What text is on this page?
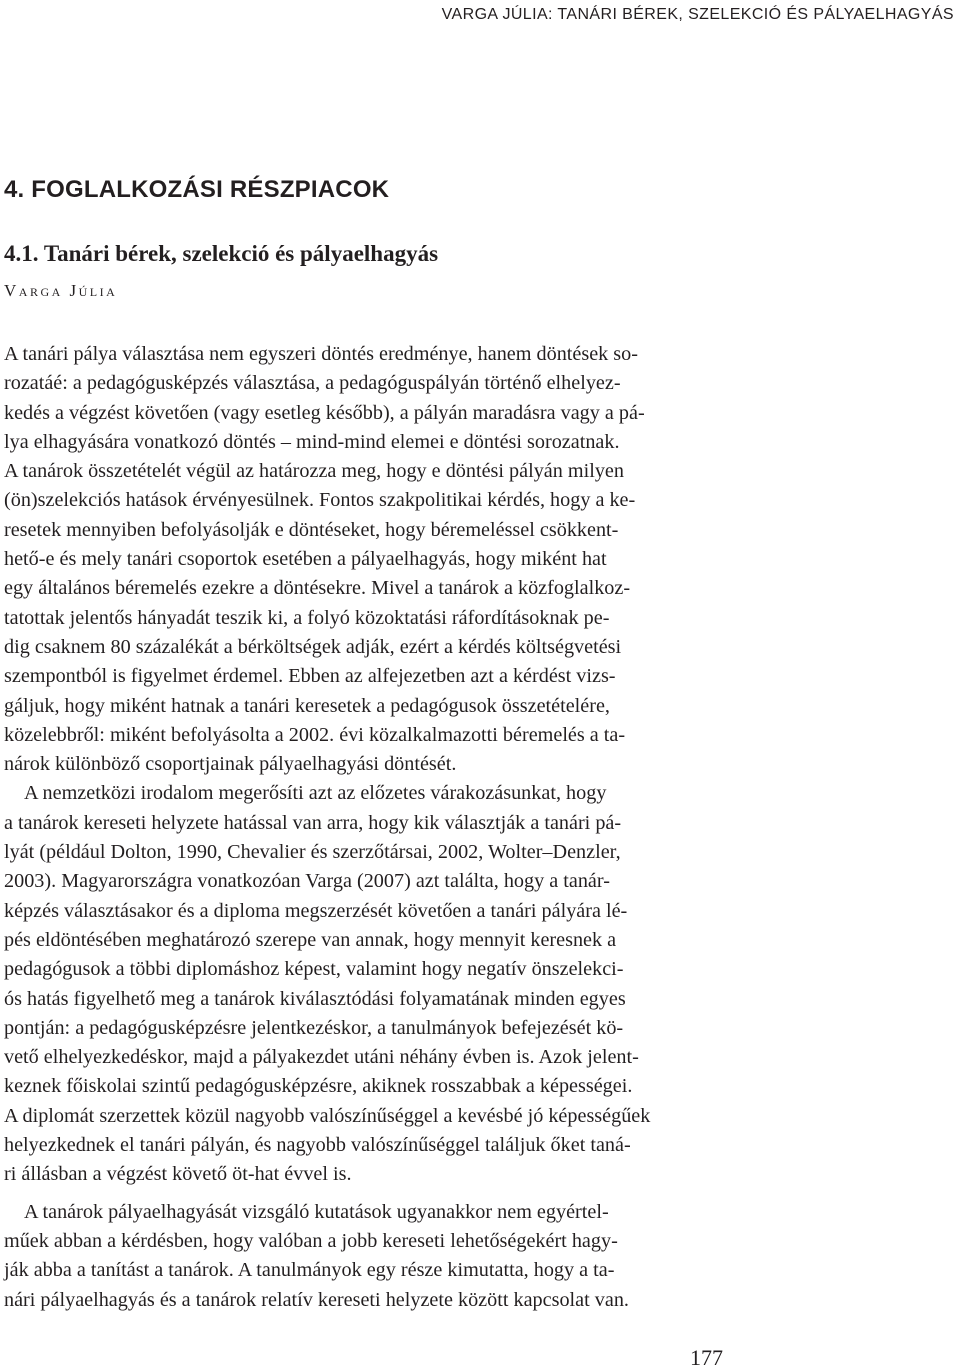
VARGA JÚLIA: TANÁRI BÉREK, SZELEKCIÓ ÉS PÁLYAELHAGYÁS
4. FOGLALKOZÁSI RÉSZPIACOK
4.1. Tanári bérek, szelekció és pályaelhagyás
Varga Júlia
A tanári pálya választása nem egyszeri döntés eredménye, hanem döntések so-
rozatáé: a pedagógusképzés választása, a pedagóguspályán történő elhelyez-
kedés a végzést követően (vagy esetleg később), a pályán maradásra vagy a pá-
lya elhagyására vonatkozó döntés – mind-mind elemei e döntési sorozatnak.
A tanárok összetételét végül az határozza meg, hogy e döntési pályán milyen
(ön)szelekciós hatások érvényesülnek. Fontos szakpolitikai kérdés, hogy a ke-
resetek mennyiben befolyásolják e döntéseket, hogy béremeléssel csökkent-
hető-e és mely tanári csoportok esetében a pályaelhagyás, hogy miként hat
egy általános béremelés ezekre a döntésekre. Mivel a tanárok a közfoglalkoz-
tatottak jelentős hányadát teszik ki, a folyó közoktatási ráfordításoknak pe-
dig csaknem 80 százalékát a bérköltségek adják, ezért a kérdés költségvetési
szempontból is figyelmet érdemel. Ebben az alfejezetben azt a kérdést vizs-
gáljuk, hogy miként hatnak a tanári keresetek a pedagógusok összetételére,
közelebbről: miként befolyásolta a 2002. évi közalkalmazotti béremelés a ta-
nárok különböző csoportjainak pályaelhagyási döntését.
A nemzetközi irodalom megerősíti azt az előzetes várakozásunkat, hogy
a tanárok kereseti helyzete hatással van arra, hogy kik választják a tanári pá-
lyát (például Dolton, 1990, Chevalier és szerzőtársai, 2002, Wolter–Denzler,
2003). Magyarországra vonatkozóan Varga (2007) azt találta, hogy a tanár-
képzés választásakor és a diploma megszerzését követően a tanári pályára lé-
pés eldöntésében meghatározó szerepe van annak, hogy mennyit keresnek a
pedagógusok a többi diplomáshoz képest, valamint hogy negatív önszelekci-
ós hatás figyelhető meg a tanárok kiválasztódási folyamatának minden egyes
pontján: a pedagógusképzésre jelentkezéskor, a tanulmányok befejezését kö-
vető elhelyezkedéskor, majd a pályakezdet utáni néhány évben is. Azok jelent-
keznek főiskolai szintű pedagógusképzésre, akiknek rosszabbak a képességei.
A diplomát szerzettek közül nagyobb valószínűséggel a kevésbé jó képességűek
helyezkednek el tanári pályán, és nagyobb valószínűséggel találjuk őket taná-
ri állásban a végzést követő öt-hat évvel is.
A tanárok pályaelhagyását vizsgáló kutatások ugyanakkor nem egyértel-
műek abban a kérdésben, hogy valóban a jobb kereseti lehetőségekért hagy-
ják abba a tanítást a tanárok. A tanulmányok egy része kimutatta, hogy a ta-
nári pályaelhagyás és a tanárok relatív kereseti helyzete között kapcsolat van.
177
